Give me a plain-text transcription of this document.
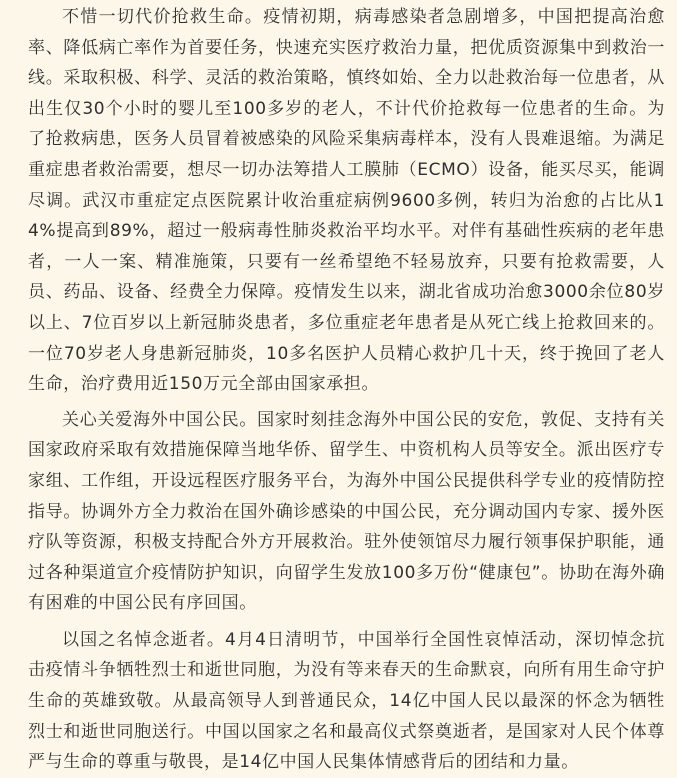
不惜一切代价抢救生命。疫情初期，病毒感染者急剧增多，中国把提高治愈率、降低病亡率作为首要任务，快速充实医疗救治力量，把优质资源集中到救治一线。采取积极、科学、灵活的救治策略，慎终如始、全力以赴救治每一位患者，从出生仅30个小时的婴儿至100多岁的老人，不计代价抢救每一位患者的生命。为了抢救病患，医务人员冒着被感染的风险采集病毒样本，没有人畏难退缩。为满足重症患者救治需要，想尽一切办法筹措人工膜肺（ECMO）设备，能买尽买，能调尽调。武汉市重症定点医院累计收治重症病例9600多例，转归为治愈的占比从14%提高到89%，超过一般病毒性肺炎救治平均水平。对伴有基础性疾病的老年患者，一人一案、精准施策，只要有一丝希望绝不轻易放弃，只要有抢救需要，人员、药品、设备、经费全力保障。疫情发生以来，湖北省成功治愈3000余位80岁以上、7位百岁以上新冠肺炎患者，多位重症老年患者是从死亡线上抢救回来的。一位70岁老人身患新冠肺炎，10多名医护人员精心救护几十天，终于挽回了老人生命，治疗费用近150万元全部由国家承担。

关心关爱海外中国公民。国家时刻挂念海外中国公民的安危，敦促、支持有关国家政府采取有效措施保障当地华侨、留学生、中资机构人员等安全。派出医疗专家组、工作组，开设远程医疗服务平台，为海外中国公民提供科学专业的疫情防控指导。协调外方全力救治在国外确诊感染的中国公民，充分调动国内专家、援外医疗队等资源，积极支持配合外方开展救治。驻外使领馆尽力履行领事保护职能，通过各种渠道宣介疫情防护知识，向留学生发放100多万份“健康包”。协助在海外确有困难的中国公民有序回国。

以国之名悼念逝者。4月4日清明节，中国举行全国性哀悼活动，深切悼念抗击疫情斗争牺牲烈士和逝世同胞，为没有等来春天的生命默哀，向所有用生命守护生命的英雄致敬。从最高领导人到普通民众，14亿中国人民以最深的怀念为牺牲烈士和逝世同胞送行。中国以国家之名和最高仪式祭奠逝者，是国家对人民个体尊严与生命的尊重与敬畏，是14亿中国人民集体情感背后的团结和力量。
